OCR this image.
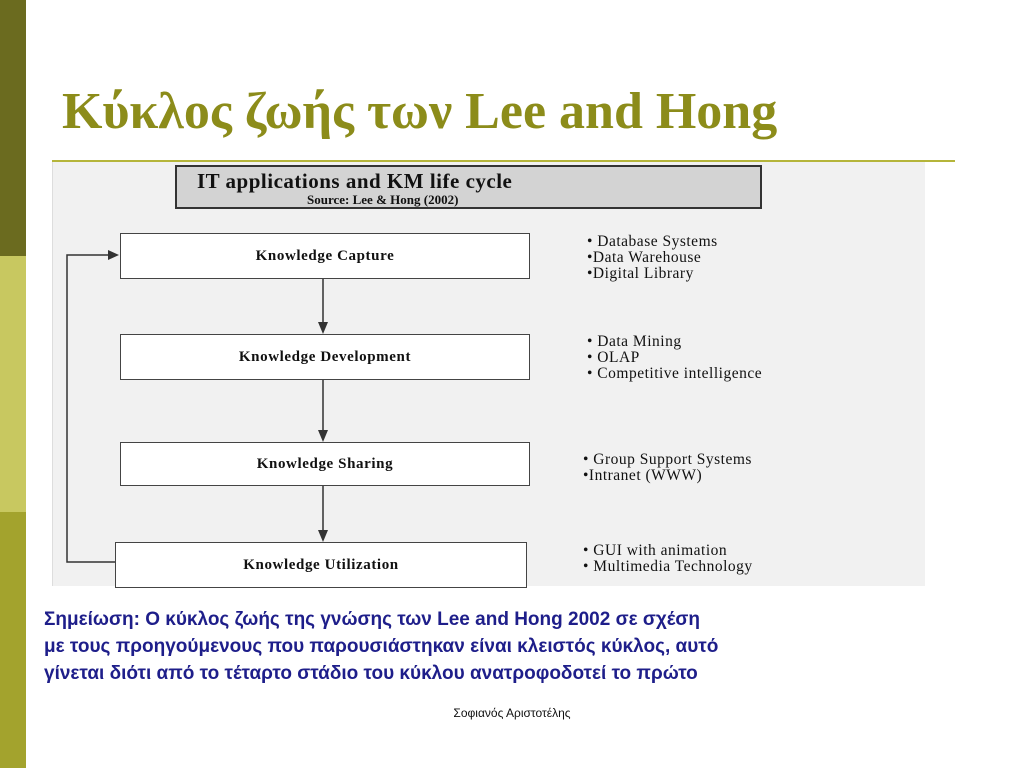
Κύκλος ζωής των Lee and Hong
IT applications and KM life cycle
Source: Lee & Hong (2002)
Knowledge Capture
• Database Systems
•Data Warehouse
•Digital Library
Knowledge Development
• Data Mining
• OLAP
• Competitive intelligence
Knowledge Sharing	• Group Support Systems
•Intranet (WWW)
Knowledge Utilization
• GUI with animation
• Multimedia Technology
Σημείωση: Ο κύκλος ζωής της γνώσης των Lee and Hong 2002 σε σχέση
με τους προηγούμενους που παρουσιάστηκαν είναι κλειστός κύκλος, αυτό
γίνεται διότι από το τέταρτο στάδιο του κύκλου ανατροφοδοτεί το πρώτο
Σοφιανός Αριστοτέλης
